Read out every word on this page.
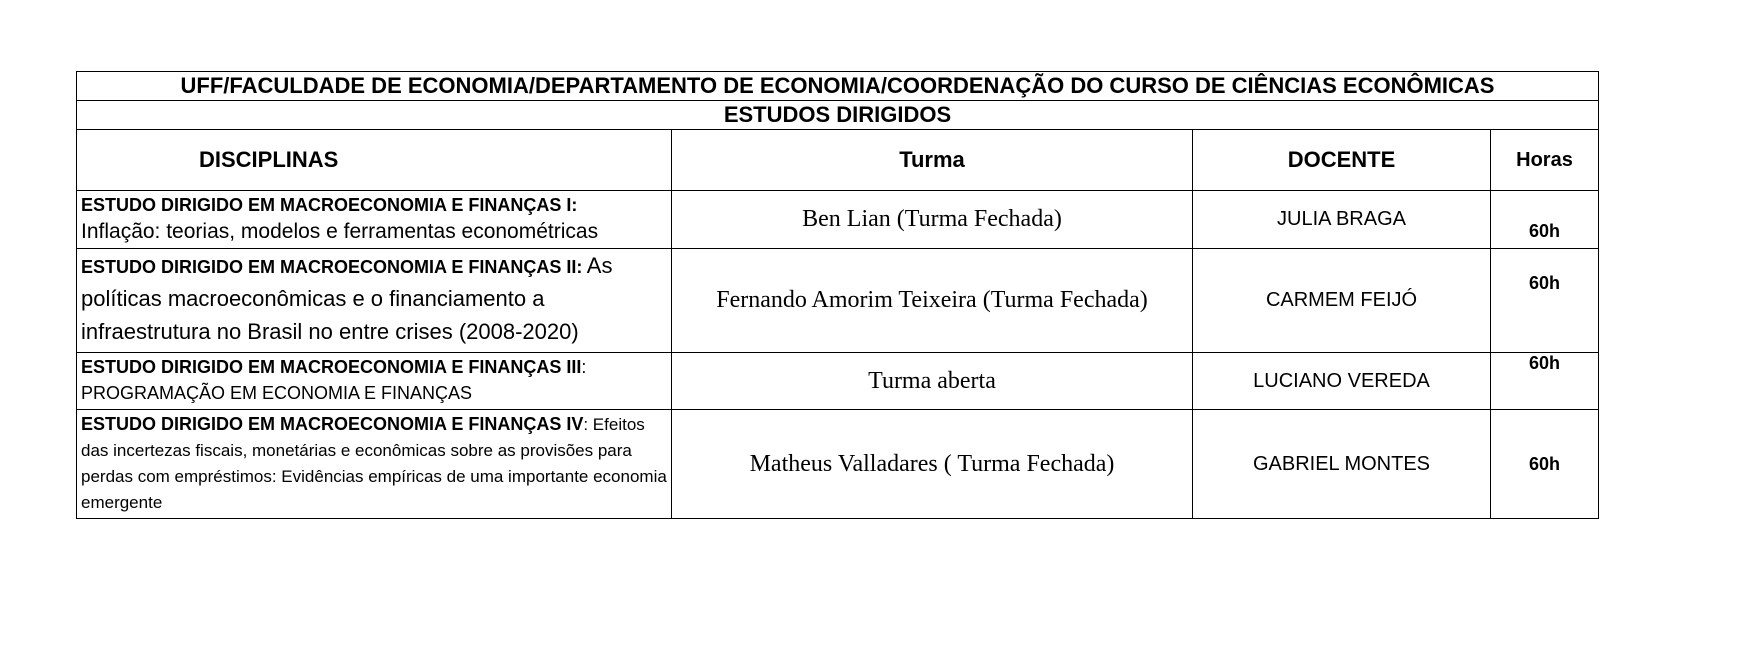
UFF/FACULDADE DE ECONOMIA/DEPARTAMENTO DE ECONOMIA/COORDENAÇÃO DO CURSO DE CIÊNCIAS ECONÔMICAS			
ESTUDOS DIRIGIDOS			
DISCIPLINAS	Turma	DOCENTE	Horas
ESTUDO DIRIGIDO EM MACROECONOMIA E FINANÇAS I:
Inflação: teorias, modelos e ferramentas econométricas	Ben Lian (Turma Fechada)	JULIA BRAGA	60h
ESTUDO DIRIGIDO EM MACROECONOMIA E FINANÇAS II: As políticas macroeconômicas e o financiamento a infraestrutura no Brasil no entre crises (2008-2020)	Fernando Amorim Teixeira (Turma Fechada)	CARMEM FEIJÓ	60h
ESTUDO DIRIGIDO EM MACROECONOMIA E FINANÇAS III: PROGRAMAÇÃO EM ECONOMIA E FINANÇAS	Turma aberta	LUCIANO VEREDA	60h
ESTUDO DIRIGIDO EM MACROECONOMIA E FINANÇAS IV: Efeitos das incertezas fiscais, monetárias e econômicas sobre as provisões para perdas com empréstimos: Evidências empíricas de uma importante economia emergente	Matheus Valladares ( Turma Fechada)	GABRIEL MONTES	60h
